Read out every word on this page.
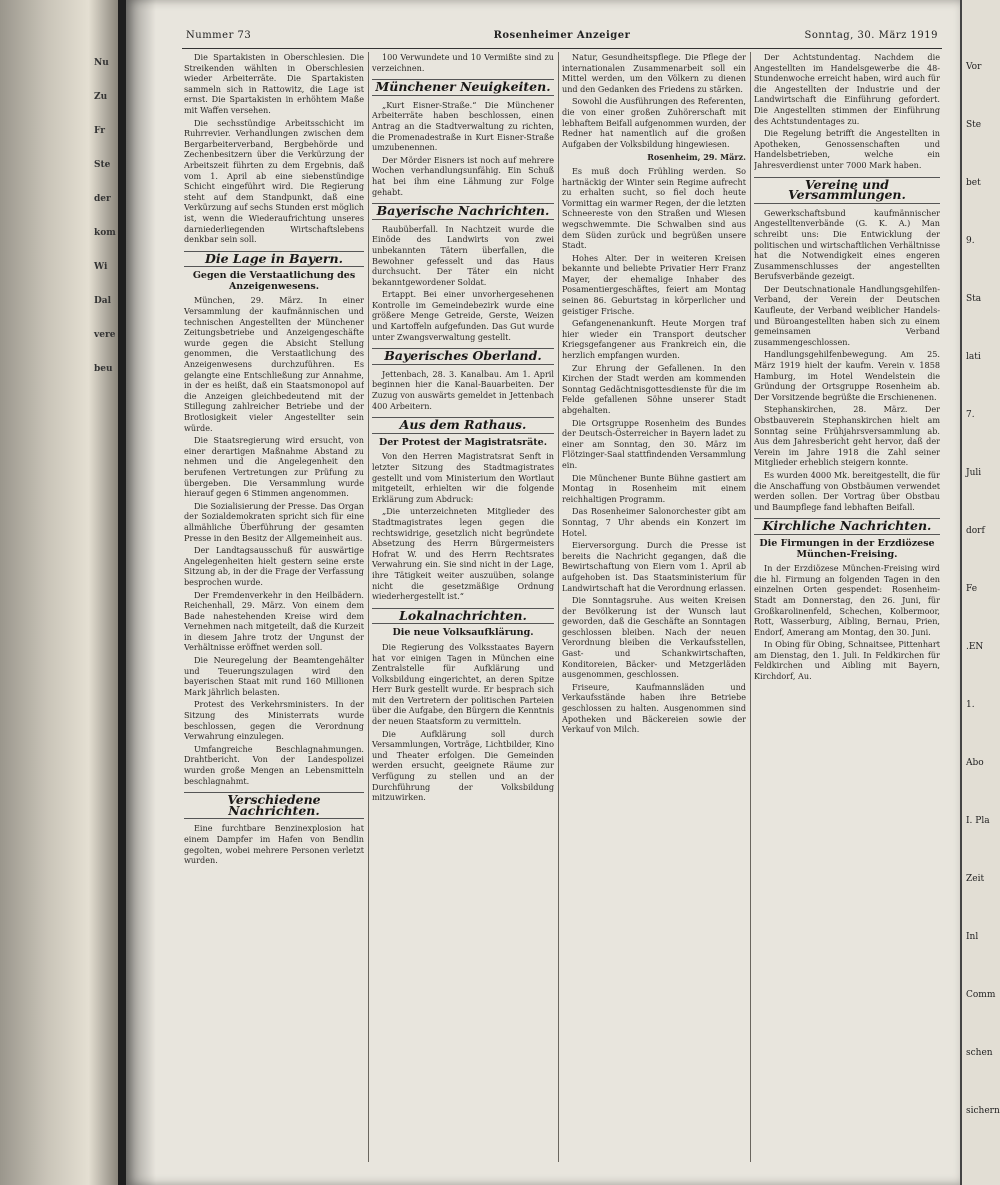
Nu
Zu
Fr
Ste
der
kom
Wi
Dal
vere
beu
Nummer 73	Rosenheimer Anzeiger	Sonntag, 30. März 1919

Die Spartakisten in Oberschlesien. Die Streikenden wählten in Oberschlesien wieder Arbeiterräte. Die Spartakisten sammeln sich in Rattowitz, die Lage ist ernst. Die Spartakisten in erhöhtem Maße mit Waffen versehen.

Die sechsstündige Arbeitsschicht im Ruhrrevier. Verhandlungen zwischen dem Bergarbeiterverband, Bergbehörde und Zechenbesitzern über die Verkürzung der Arbeitszeit führten zu dem Ergebnis, daß vom 1. April ab eine siebenstündige Schicht eingeführt wird. Die Regierung steht auf dem Standpunkt, daß eine Verkürzung auf sechs Stunden erst möglich ist, wenn die Wiederaufrichtung unseres darniederliegenden Wirtschaftslebens denkbar sein soll.

Die Lage in Bayern.
Gegen die Verstaatlichung des Anzeigenwesens.

München, 29. März. In einer Versammlung der kaufmännischen und technischen Angestellten der Münchener Zeitungsbetriebe und Anzeigengeschäfte wurde gegen die Absicht Stellung genommen, die Verstaatlichung des Anzeigenwesens durchzuführen. Es gelangte eine Entschließung zur Annahme, in der es heißt, daß ein Staatsmonopol auf die Anzeigen gleichbedeutend mit der Stillegung zahlreicher Betriebe und der Brotlosigkeit vieler Angestellter sein würde.

Die Staatsregierung wird ersucht, von einer derartigen Maßnahme Abstand zu nehmen und die Angelegenheit den berufenen Vertretungen zur Prüfung zu übergeben. Die Versammlung wurde hierauf gegen 6 Stimmen angenommen.

Die Sozialisierung der Presse. Das Organ der Sozialdemokraten spricht sich für eine allmähliche Überführung der gesamten Presse in den Besitz der Allgemeinheit aus.

Der Landtagsausschuß für auswärtige Angelegenheiten hielt gestern seine erste Sitzung ab, in der die Frage der Verfassung besprochen wurde.

Der Fremdenverkehr in den Heilbädern. Reichenhall, 29. März. Von einem dem Bade nahestehenden Kreise wird dem Vernehmen nach mitgeteilt, daß die Kurzeit in diesem Jahre trotz der Ungunst der Verhältnisse eröffnet werden soll.

Die Neuregelung der Beamtengehälter und Teuerungszulagen wird den bayerischen Staat mit rund 160 Millionen Mark jährlich belasten.

Protest des Verkehrsministers. In der Sitzung des Ministerrats wurde beschlossen, gegen die Verordnung Verwahrung einzulegen.

Umfangreiche Beschlagnahmungen. Drahtbericht. Von der Landespolizei wurden große Mengen an Lebensmitteln beschlagnahmt.

Verschiedene Nachrichten.

Eine furchtbare Benzinexplosion hat einem Dampfer im Hafen von Bendlin gegolten, wobei mehrere Personen verletzt wurden.

100 Verwundete und 10 Vermißte sind zu verzeichnen.

Münchener Neuigkeiten.

„Kurt Eisner-Straße.“ Die Münchener Arbeiterräte haben beschlossen, einen Antrag an die Stadtverwaltung zu richten, die Promenadestraße in Kurt Eisner-Straße umzubenennen.

Der Mörder Eisners ist noch auf mehrere Wochen verhandlungsunfähig. Ein Schuß hat bei ihm eine Lähmung zur Folge gehabt.

Bayerische Nachrichten.

Raubüberfall. In Nachtzeit wurde die Einöde des Landwirts von zwei unbekannten Tätern überfallen, die Bewohner gefesselt und das Haus durchsucht. Der Täter ein nicht bekanntgewordener Soldat.

Ertappt. Bei einer unvorhergesehenen Kontrolle im Gemeindebezirk wurde eine größere Menge Getreide, Gerste, Weizen und Kartoffeln aufgefunden. Das Gut wurde unter Zwangsverwaltung gestellt.

Bayerisches Oberland.

Jettenbach, 28. 3. Kanalbau. Am 1. April beginnen hier die Kanal-Bauarbeiten. Der Zuzug von auswärts gemeldet in Jettenbach 400 Arbeitern.

Aus dem Rathaus.
Der Protest der Magistratsräte.

Von den Herren Magistratsrat Senft in letzter Sitzung des Stadtmagistrates gestellt und vom Ministerium den Wortlaut mitgeteilt, erhielten wir die folgende Erklärung zum Abdruck:

„Die unterzeichneten Mitglieder des Stadtmagistrates legen gegen die rechtswidrige, gesetzlich nicht begründete Absetzung des Herrn Bürgermeisters Hofrat W. und des Herrn Rechtsrates Verwahrung ein. Sie sind nicht in der Lage, ihre Tätigkeit weiter auszuüben, solange nicht die gesetzmäßige Ordnung wiederhergestellt ist.“

Lokalnachrichten.
Die neue Volksaufklärung.

Die Regierung des Volksstaates Bayern hat vor einigen Tagen in München eine Zentralstelle für Aufklärung und Volksbildung eingerichtet, an deren Spitze Herr Burk gestellt wurde. Er besprach sich mit den Vertretern der politischen Parteien über die Aufgabe, den Bürgern die Kenntnis der neuen Staatsform zu vermitteln.

Die Aufklärung soll durch Versammlungen, Vorträge, Lichtbilder, Kino und Theater erfolgen. Die Gemeinden werden ersucht, geeignete Räume zur Verfügung zu stellen und an der Durchführung der Volksbildung mitzuwirken.

Natur, Gesundheitspflege. Die Pflege der internationalen Zusammenarbeit soll ein Mittel werden, um den Völkern zu dienen und den Gedanken des Friedens zu stärken.

Sowohl die Ausführungen des Referenten, die von einer großen Zuhörerschaft mit lebhaftem Beifall aufgenommen wurden, der Redner hat namentlich auf die großen Aufgaben der Volksbildung hingewiesen.

Rosenheim, 29. März.

Es muß doch Frühling werden. So hartnäckig der Winter sein Regime aufrecht zu erhalten sucht, so fiel doch heute Vormittag ein warmer Regen, der die letzten Schneereste von den Straßen und Wiesen wegschwemmte. Die Schwalben sind aus dem Süden zurück und begrüßen unsere Stadt.

Hohes Alter. Der in weiteren Kreisen bekannte und beliebte Privatier Herr Franz Mayer, der ehemalige Inhaber des Posamentiergeschäftes, feiert am Montag seinen 86. Geburtstag in körperlicher und geistiger Frische.

Gefangenenankunft. Heute Morgen traf hier wieder ein Transport deutscher Kriegsgefangener aus Frankreich ein, die herzlich empfangen wurden.

Zur Ehrung der Gefallenen. In den Kirchen der Stadt werden am kommenden Sonntag Gedächtnisgottesdienste für die im Felde gefallenen Söhne unserer Stadt abgehalten.

Die Ortsgruppe Rosenheim des Bundes der Deutsch-Österreicher in Bayern ladet zu einer am Sonntag, den 30. März im Flötzinger-Saal stattfindenden Versammlung ein.

Die Münchener Bunte Bühne gastiert am Montag in Rosenheim mit einem reichhaltigen Programm.

Das Rosenheimer Salonorchester gibt am Sonntag, 7 Uhr abends ein Konzert im Hotel.

Eierversorgung. Durch die Presse ist bereits die Nachricht gegangen, daß die Bewirtschaftung von Eiern vom 1. April ab aufgehoben ist. Das Staatsministerium für Landwirtschaft hat die Verordnung erlassen.

Die Sonntagsruhe. Aus weiten Kreisen der Bevölkerung ist der Wunsch laut geworden, daß die Geschäfte an Sonntagen geschlossen bleiben. Nach der neuen Verordnung bleiben die Verkaufsstellen, Gast- und Schankwirtschaften, Konditoreien, Bäcker- und Metzgerläden ausgenommen, geschlossen.

Friseure, Kaufmannsläden und Verkaufsstände haben ihre Betriebe geschlossen zu halten. Ausgenommen sind Apotheken und Bäckereien sowie der Verkauf von Milch.

Der Achtstundentag. Nachdem die Angestellten im Handelsgewerbe die 48-Stundenwoche erreicht haben, wird auch für die Angestellten der Industrie und der Landwirtschaft die Einführung gefordert. Die Angestellten stimmen der Einführung des Achtstundentages zu.

Die Regelung betrifft die Angestellten in Apotheken, Genossenschaften und Handelsbetrieben, welche ein Jahresverdienst unter 7000 Mark haben.

Vereine und Versammlungen.

Gewerkschaftsbund kaufmännischer Angestelltenverbände (G. K. A.) Man schreibt uns: Die Entwicklung der politischen und wirtschaftlichen Verhältnisse hat die Notwendigkeit eines engeren Zusammenschlusses der angestellten Berufsverbände gezeigt.

Der Deutschnationale Handlungsgehilfen-Verband, der Verein der Deutschen Kaufleute, der Verband weiblicher Handels- und Büroangestellten haben sich zu einem gemeinsamen Verband zusammengeschlossen.

Handlungsgehilfenbewegung. Am 25. März 1919 hielt der kaufm. Verein v. 1858 Hamburg, im Hotel Wendelstein die Gründung der Ortsgruppe Rosenheim ab. Der Vorsitzende begrüßte die Erschienenen.

Stephanskirchen, 28. März. Der Obstbauverein Stephanskirchen hielt am Sonntag seine Frühjahrsversammlung ab. Aus dem Jahresbericht geht hervor, daß der Verein im Jahre 1918 die Zahl seiner Mitglieder erheblich steigern konnte.

Es wurden 4000 Mk. bereitgestellt, die für die Anschaffung von Obstbäumen verwendet werden sollen. Der Vortrag über Obstbau und Baumpflege fand lebhaften Beifall.

Kirchliche Nachrichten.
Die Firmungen in der Erzdiözese München-Freising.

In der Erzdiözese München-Freising wird die hl. Firmung an folgenden Tagen in den einzelnen Orten gespendet: Rosenheim-Stadt am Donnerstag, den 26. Juni, für Großkarolinenfeld, Schechen, Kolbermoor, Rott, Wasserburg, Aibling, Bernau, Prien, Endorf, Amerang am Montag, den 30. Juni.

In Obing für Obing, Schnaitsee, Pittenhart am Dienstag, den 1. Juli. In Feldkirchen für Feldkirchen und Aibling mit Bayern, Kirchdorf, Au.

Vor
Ste
bet
9.
Sta
lati
7.
Juli
dorf
Fe
.EN
1.
Abo
I. Pla
Zeit
Inl
Comm
schen
sichern
